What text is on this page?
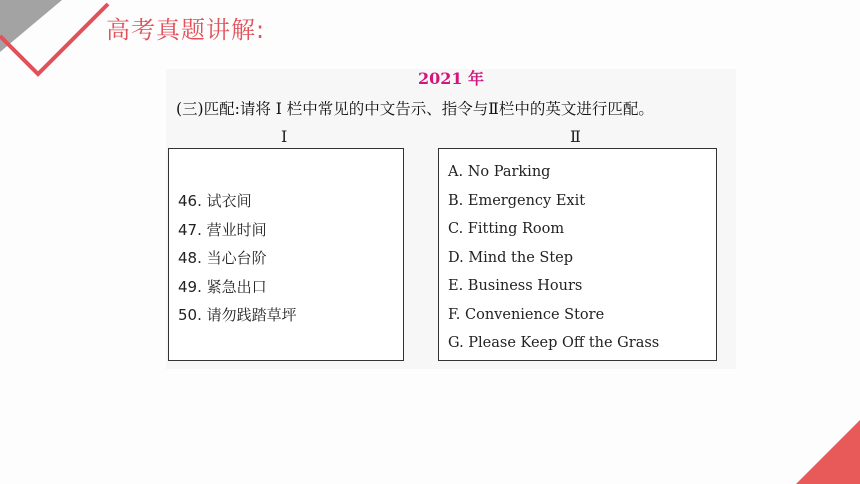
高考真题讲解:
2021 年
(三)匹配:请将 I 栏中常见的中文告示、指令与Ⅱ栏中的英文进行匹配。
I	Ⅱ
46. 试衣间
47. 营业时间
48. 当心台阶
49. 紧急出口
50. 请勿践踏草坪
A. No Parking
B. Emergency Exit
C. Fitting Room
D. Mind the Step
E. Business Hours
F. Convenience Store
G. Please Keep Off the Grass
